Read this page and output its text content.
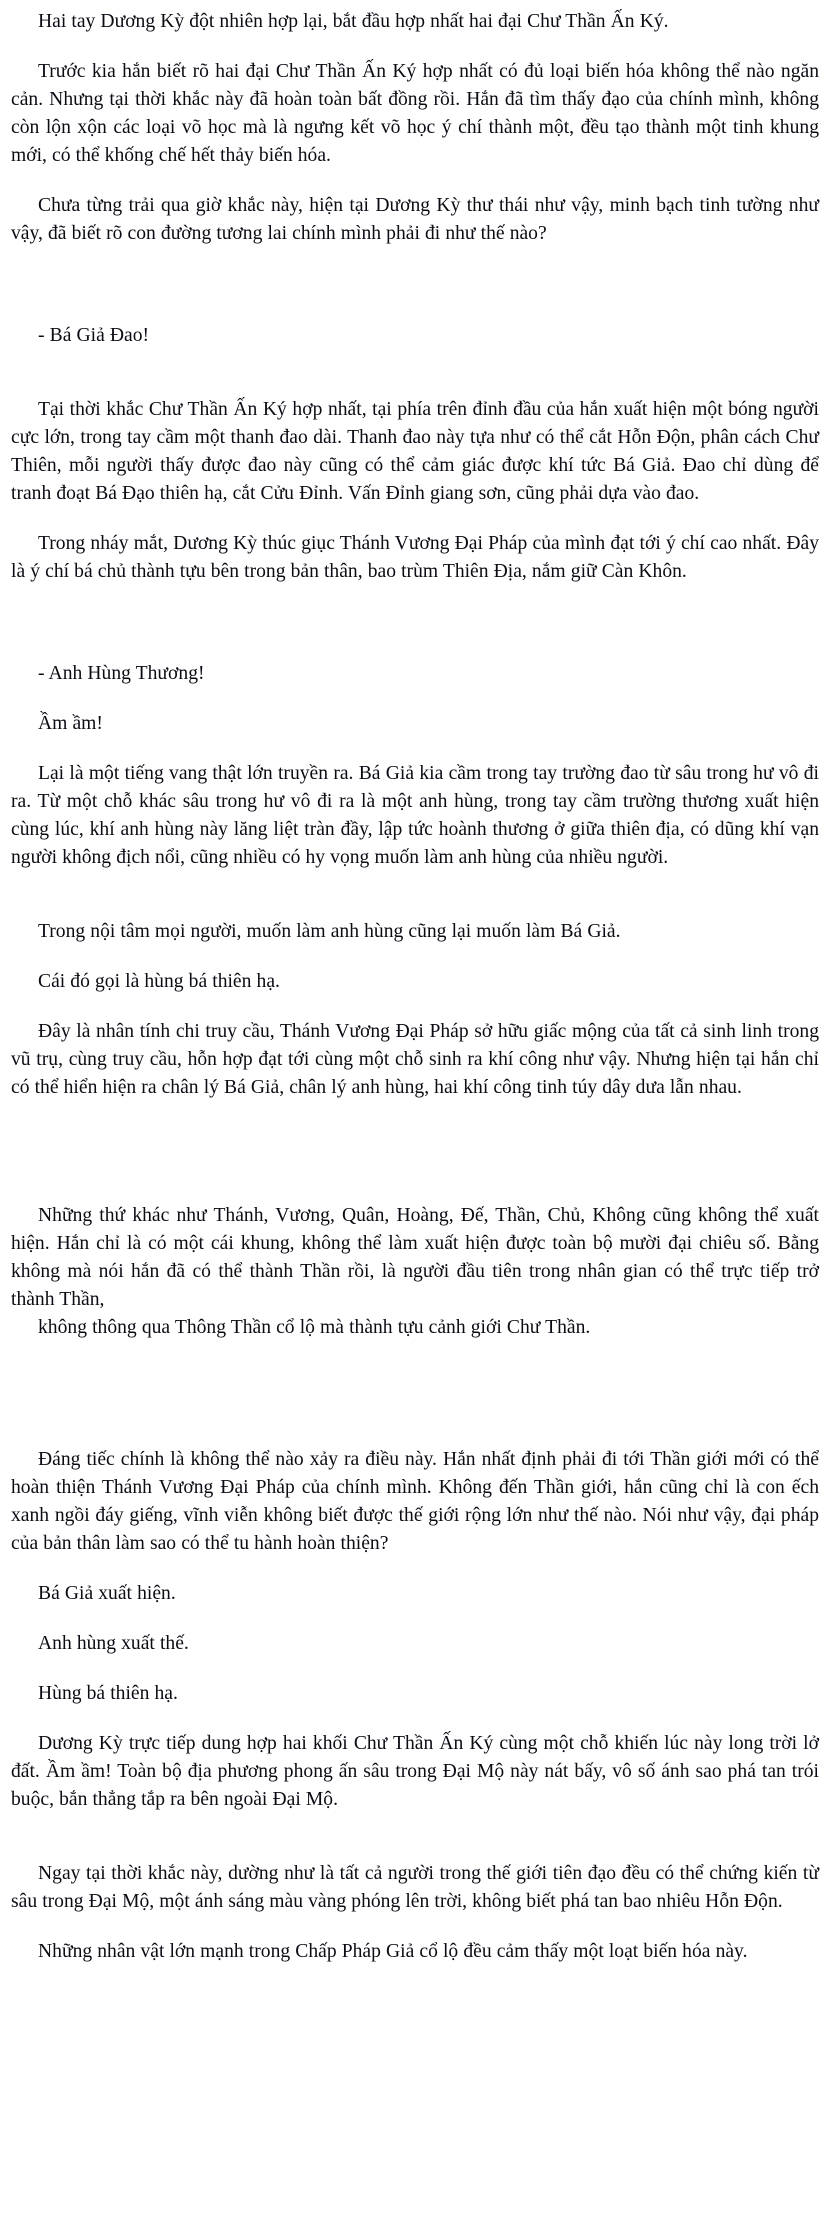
Hai tay Dương Kỳ đột nhiên hợp lại, bắt đầu hợp nhất hai đại Chư Thần Ấn Ký.

Trước kia hắn biết rõ hai đại Chư Thần Ấn Ký hợp nhất có đủ loại biến hóa không thể nào ngăn cản. Nhưng tại thời khắc này đã hoàn toàn bất đồng rồi. Hắn đã tìm thấy đạo của chính mình, không còn lộn xộn các loại võ học mà là ngưng kết võ học ý chí thành một, đều tạo thành một tinh khung mới, có thể khống chế hết thảy biến hóa.

Chưa từng trải qua giờ khắc này, hiện tại Dương Kỳ thư thái như vậy, minh bạch tinh tường như vậy, đã biết rõ con đường tương lai chính mình phải đi như thế nào?

- Bá Giả Đao!

Tại thời khắc Chư Thần Ấn Ký hợp nhất, tại phía trên đỉnh đầu của hắn xuất hiện một bóng người cực lớn, trong tay cầm một thanh đao dài. Thanh đao này tựa như có thể cắt Hỗn Độn, phân cách Chư Thiên, mỗi người thấy được đao này cũng có thể cảm giác được khí tức Bá Giả. Đao chỉ dùng để tranh đoạt Bá Đạo thiên hạ, cắt Cửu Đỉnh. Vấn Đỉnh giang sơn, cũng phải dựa vào đao.

Trong nháy mắt, Dương Kỳ thúc giục Thánh Vương Đại Pháp của mình đạt tới ý chí cao nhất. Đây là ý chí bá chủ thành tựu bên trong bản thân, bao trùm Thiên Địa, nắm giữ Càn Khôn.

- Anh Hùng Thương!

Ầm ầm!

Lại là một tiếng vang thật lớn truyền ra. Bá Giả kia cầm trong tay trường đao từ sâu trong hư vô đi ra. Từ một chỗ khác sâu trong hư vô đi ra là một anh hùng, trong tay cầm trường thương xuất hiện cùng lúc, khí anh hùng này lăng liệt tràn đầy, lập tức hoành thương ở giữa thiên địa, có dũng khí vạn người không địch nổi, cũng nhiều có hy vọng muốn làm anh hùng của nhiều người.

Trong nội tâm mọi người, muốn làm anh hùng cũng lại muốn làm Bá Giả.

Cái đó gọi là hùng bá thiên hạ.

Đây là nhân tính chi truy cầu, Thánh Vương Đại Pháp sở hữu giấc mộng của tất cả sinh linh trong vũ trụ, cùng truy cầu, hỗn hợp đạt tới cùng một chỗ sinh ra khí công như vậy. Nhưng hiện tại hắn chỉ có thể hiển hiện ra chân lý Bá Giả, chân lý anh hùng, hai khí công tinh túy dây dưa lẫn nhau.

Những thứ khác như Thánh, Vương, Quân, Hoàng, Đế, Thần, Chủ, Không cũng không thể xuất hiện. Hắn chỉ là có một cái khung, không thể làm xuất hiện được toàn bộ mười đại chiêu số. Bằng không mà nói hắn đã có thể thành Thần rồi, là người đầu tiên trong nhân gian có thể trực tiếp trở thành Thần,
không thông qua Thông Thần cổ lộ mà thành tựu cảnh giới Chư Thần.

Đáng tiếc chính là không thể nào xảy ra điều này. Hắn nhất định phải đi tới Thần giới mới có thể hoàn thiện Thánh Vương Đại Pháp của chính mình. Không đến Thần giới, hắn cũng chỉ là con ếch xanh ngồi đáy giếng, vĩnh viễn không biết được thế giới rộng lớn như thế nào. Nói như vậy, đại pháp của bản thân làm sao có thể tu hành hoàn thiện?

Bá Giả xuất hiện.

Anh hùng xuất thế.

Hùng bá thiên hạ.

Dương Kỳ trực tiếp dung hợp hai khối Chư Thần Ấn Ký cùng một chỗ khiến lúc này long trời lở đất. Ầm ầm! Toàn bộ địa phương phong ấn sâu trong Đại Mộ này nát bấy, vô số ánh sao phá tan trói buộc, bắn thẳng tắp ra bên ngoài Đại Mộ.

Ngay tại thời khắc này, dường như là tất cả người trong thế giới tiên đạo đều có thể chứng kiến từ sâu trong Đại Mộ, một ánh sáng màu vàng phóng lên trời, không biết phá tan bao nhiêu Hỗn Độn.

Những nhân vật lớn mạnh trong Chấp Pháp Giả cổ lộ đều cảm thấy một loạt biến hóa này.
